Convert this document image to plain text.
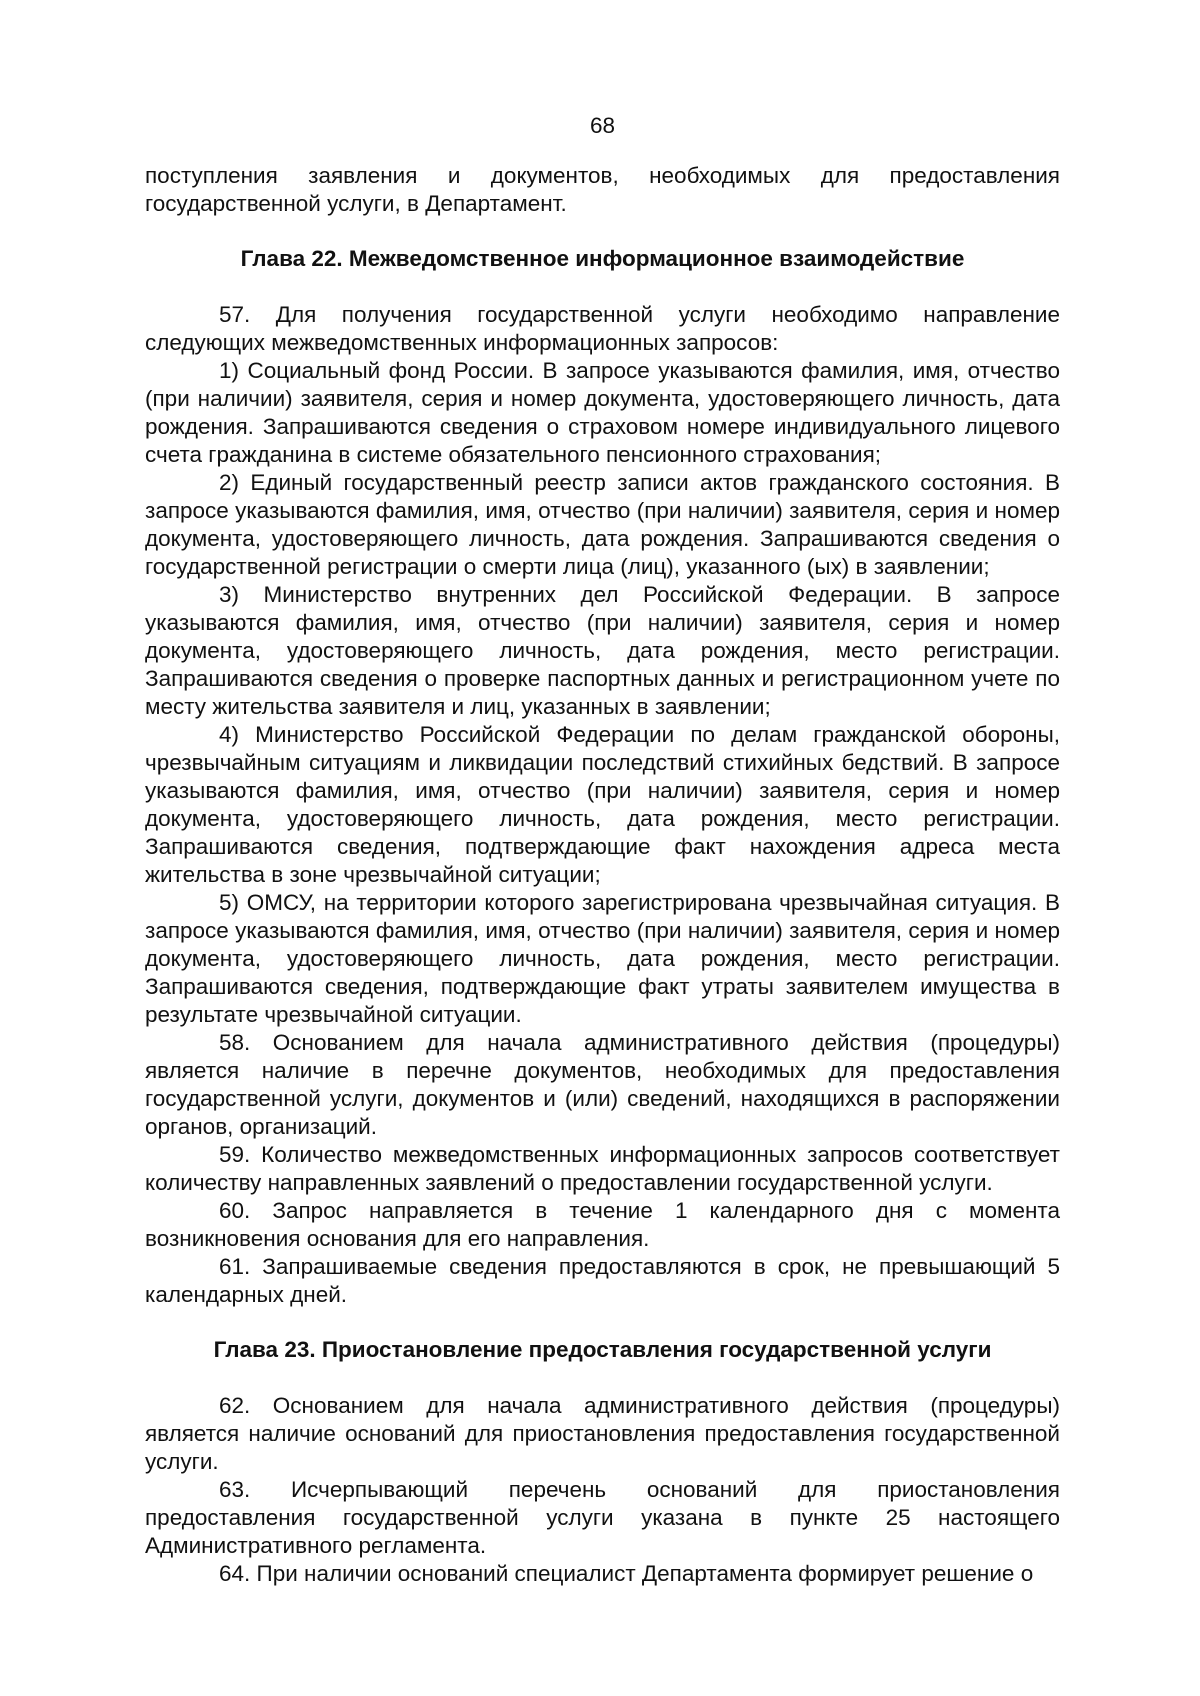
68

поступления заявления и документов, необходимых для предоставления государственной услуги, в Департамент.

Глава 22. Межведомственное информационное взаимодействие

57. Для получения государственной услуги необходимо направление следующих межведомственных информационных запросов:

1) Социальный фонд России. В запросе указываются фамилия, имя, отчество (при наличии) заявителя, серия и номер документа, удостоверяющего личность, дата рождения. Запрашиваются сведения о страховом номере индивидуального лицевого счета гражданина в системе обязательного пенсионного страхования;

2) Единый государственный реестр записи актов гражданского состояния. В запросе указываются фамилия, имя, отчество (при наличии) заявителя, серия и номер документа, удостоверяющего личность, дата рождения. Запрашиваются сведения о государственной регистрации о смерти лица (лиц), указанного (ых) в заявлении;

3) Министерство внутренних дел Российской Федерации. В запросе указываются фамилия, имя, отчество (при наличии) заявителя, серия и номер документа, удостоверяющего личность, дата рождения, место регистрации. Запрашиваются сведения о проверке паспортных данных и регистрационном учете по месту жительства заявителя и лиц, указанных в заявлении;

4) Министерство Российской Федерации по делам гражданской обороны, чрезвычайным ситуациям и ликвидации последствий стихийных бедствий. В запросе указываются фамилия, имя, отчество (при наличии) заявителя, серия и номер документа, удостоверяющего личность, дата рождения, место регистрации. Запрашиваются сведения, подтверждающие факт нахождения адреса места жительства в зоне чрезвычайной ситуации;

5) ОМСУ, на территории которого зарегистрирована чрезвычайная ситуация. В запросе указываются фамилия, имя, отчество (при наличии) заявителя, серия и номер документа, удостоверяющего личность, дата рождения, место регистрации. Запрашиваются сведения, подтверждающие факт утраты заявителем имущества в результате чрезвычайной ситуации.

58. Основанием для начала административного действия (процедуры) является наличие в перечне документов, необходимых для предоставления государственной услуги, документов и (или) сведений, находящихся в распоряжении органов, организаций.

59. Количество межведомственных информационных запросов соответствует количеству направленных заявлений о предоставлении государственной услуги.

60. Запрос направляется в течение 1 календарного дня с момента возникновения основания для его направления.

61. Запрашиваемые сведения предоставляются в срок, не превышающий 5 календарных дней.

Глава 23. Приостановление предоставления государственной услуги

62. Основанием для начала административного действия (процедуры) является наличие оснований для приостановления предоставления государственной услуги.

63. Исчерпывающий перечень оснований для приостановления предоставления государственной услуги указана в пункте 25 настоящего Административного регламента.

64. При наличии оснований специалист Департамента формирует решение о
